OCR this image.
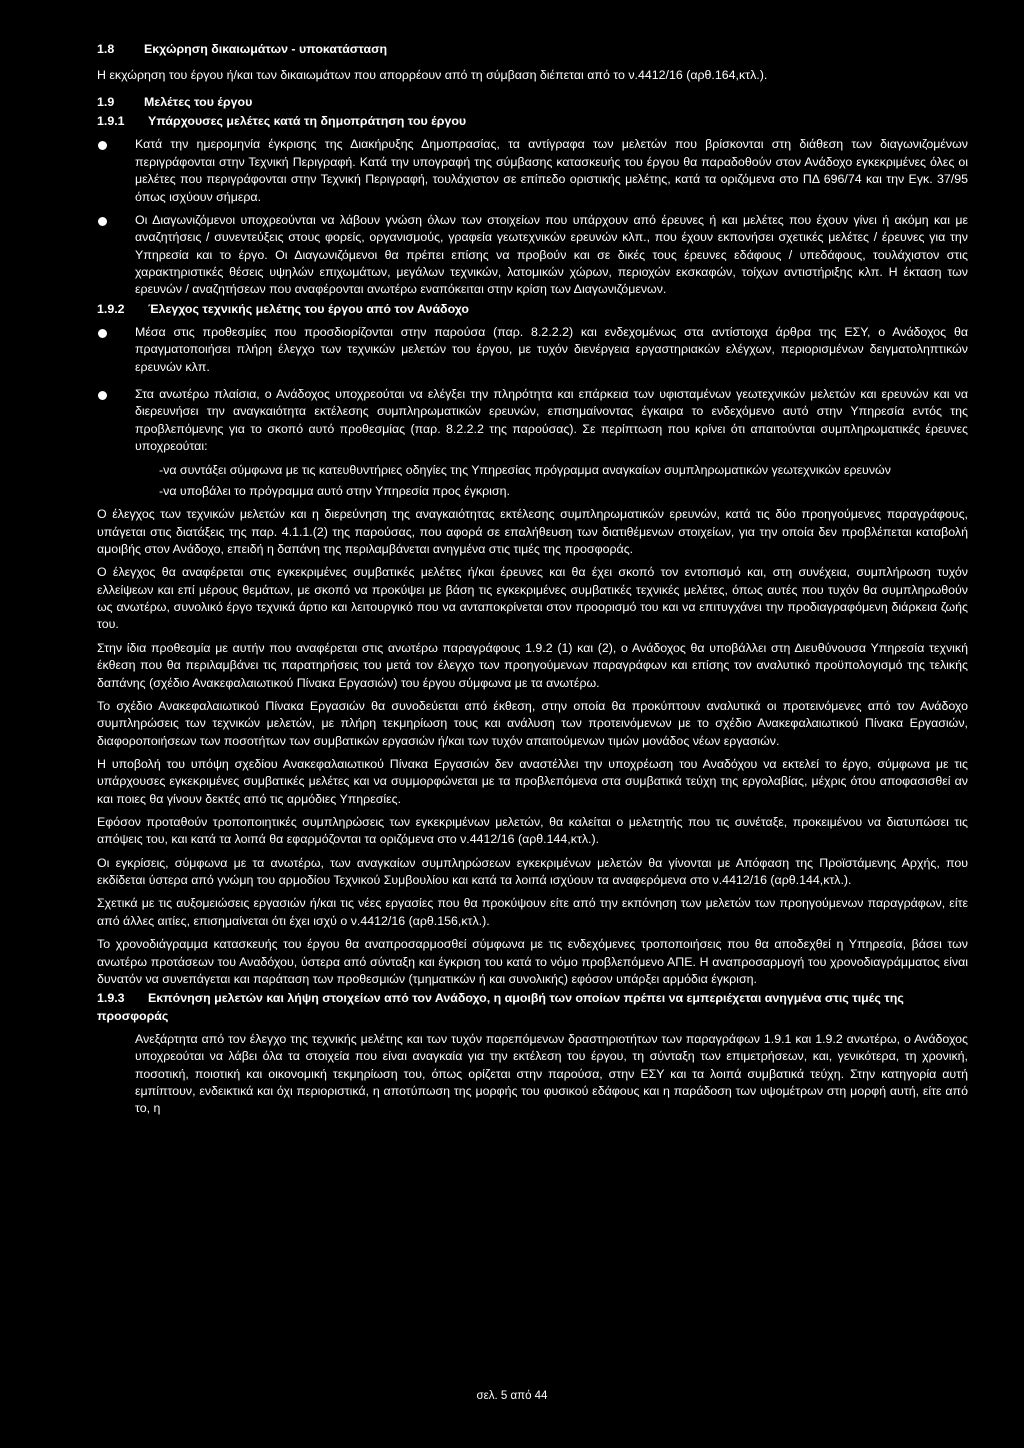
1.8 Εκχώρηση δικαιωμάτων - υποκατάσταση

Η εκχώρηση του έργου ή/και των δικαιωμάτων που απορρέουν από τη σύμβαση διέπεται από το ν.4412/16 (αρθ.164,κτλ.).

1.9 Μελέτες του έργου
1.9.1 Υπάρχουσες μελέτες κατά τη δημοπράτηση του έργου
Κατά την ημερομηνία έγκρισης της Διακήρυξης Δημοπρασίας, τα αντίγραφα των μελετών που βρίσκονται στη διάθεση των διαγωνιζομένων περιγράφονται στην Τεχνική Περιγραφή. Κατά την υπογραφή της σύμβασης κατασκευής του έργου θα παραδοθούν στον Ανάδοχο εγκεκριμένες όλες οι μελέτες που περιγράφονται στην Τεχνική Περιγραφή, τουλάχιστον σε επίπεδο οριστικής μελέτης, κατά τα οριζόμενα στο ΠΔ 696/74 και την Εγκ. 37/95 όπως ισχύουν σήμερα.
Οι Διαγωνιζόμενοι υποχρεούνται να λάβουν γνώση όλων των στοιχείων που υπάρχουν από έρευνες ή και μελέτες που έχουν γίνει ή ακόμη και με αναζητήσεις / συνεντεύξεις στους φορείς, οργανισμούς, γραφεία γεωτεχνικών ερευνών κλπ., που έχουν εκπονήσει σχετικές μελέτες / έρευνες για την Υπηρεσία και το έργο. Οι Διαγωνιζόμενοι θα πρέπει επίσης να προβούν και σε δικές τους έρευνες εδάφους / υπεδάφους, τουλάχιστον στις χαρακτηριστικές θέσεις υψηλών επιχωμάτων, μεγάλων τεχνικών, λατομικών χώρων, περιοχών εκσκαφών, τοίχων αντιστήριξης κλπ. Η έκταση των ερευνών / αναζητήσεων που αναφέρονται ανωτέρω εναπόκειται στην κρίση των Διαγωνιζόμενων.
1.9.2 Έλεγχος τεχνικής μελέτης του έργου από τον Ανάδοχο
Μέσα στις προθεσμίες που προσδιορίζονται στην παρούσα (παρ. 8.2.2.2) και ενδεχομένως στα αντίστοιχα άρθρα της ΕΣΥ, ο Ανάδοχος θα πραγματοποιήσει πλήρη έλεγχο των τεχνικών μελετών του έργου, με τυχόν διενέργεια εργαστηριακών ελέγχων, περιορισμένων δειγματοληπτικών ερευνών κλπ.
Στα ανωτέρω πλαίσια, ο Ανάδοχος υποχρεούται να ελέγξει την πληρότητα και επάρκεια των υφισταμένων γεωτεχνικών μελετών και ερευνών και να διερευνήσει την αναγκαιότητα εκτέλεσης συμπληρωματικών ερευνών, επισημαίνοντας έγκαιρα το ενδεχόμενο αυτό στην Υπηρεσία εντός της προβλεπόμενης για το σκοπό αυτό προθεσμίας (παρ. 8.2.2.2 της παρούσας). Σε περίπτωση που κρίνει ότι απαιτούνται συμπληρωματικές έρευνες υποχρεούται:

-να συντάξει σύμφωνα με τις κατευθυντήριες οδηγίες της Υπηρεσίας πρόγραμμα αναγκαίων συμπληρωματικών γεωτεχνικών ερευνών

-να υποβάλει το πρόγραμμα αυτό στην Υπηρεσία προς έγκριση.

Ο έλεγχος των τεχνικών μελετών και η διερεύνηση της αναγκαιότητας εκτέλεσης συμπληρωματικών ερευνών, κατά τις δύο προηγούμενες παραγράφους, υπάγεται στις διατάξεις της παρ. 4.1.1.(2) της παρούσας, που αφορά σε επαλήθευση των διατιθέμενων στοιχείων, για την οποία δεν προβλέπεται καταβολή αμοιβής στον Ανάδοχο, επειδή η δαπάνη της περιλαμβάνεται ανηγμένα στις τιμές της προσφοράς.

Ο έλεγχος θα αναφέρεται στις εγκεκριμένες συμβατικές μελέτες ή/και έρευνες και θα έχει σκοπό τον εντοπισμό και, στη συνέχεια, συμπλήρωση τυχόν ελλείψεων και επί μέρους θεμάτων, με σκοπό να προκύψει με βάση τις εγκεκριμένες συμβατικές τεχνικές μελέτες, όπως αυτές που τυχόν θα συμπληρωθούν ως ανωτέρω, συνολικό έργο τεχνικά άρτιο και λειτουργικό που να ανταποκρίνεται στον προορισμό του και να επιτυγχάνει την προδιαγραφόμενη διάρκεια ζωής του.

Στην ίδια προθεσμία με αυτήν που αναφέρεται στις ανωτέρω παραγράφους 1.9.2 (1) και (2), ο Ανάδοχος θα υποβάλλει στη Διευθύνουσα Υπηρεσία τεχνική έκθεση που θα περιλαμβάνει τις παρατηρήσεις του μετά τον έλεγχο των προηγούμενων παραγράφων και επίσης τον αναλυτικό προϋπολογισμό της τελικής δαπάνης (σχέδιο Ανακεφαλαιωτικού Πίνακα Εργασιών) του έργου σύμφωνα με τα ανωτέρω.

Το σχέδιο Ανακεφαλαιωτικού Πίνακα Εργασιών θα συνοδεύεται από έκθεση, στην οποία θα προκύπτουν αναλυτικά οι προτεινόμενες από τον Ανάδοχο συμπληρώσεις των τεχνικών μελετών, με πλήρη τεκμηρίωση τους και ανάλυση των προτεινόμενων με το σχέδιο Ανακεφαλαιωτικού Πίνακα Εργασιών, διαφοροποιήσεων των ποσοτήτων των συμβατικών εργασιών ή/και των τυχόν απαιτούμενων τιμών μονάδος νέων εργασιών.

Η υποβολή του υπόψη σχεδίου Ανακεφαλαιωτικού Πίνακα Εργασιών δεν αναστέλλει την υποχρέωση του Αναδόχου να εκτελεί το έργο, σύμφωνα με τις υπάρχουσες εγκεκριμένες συμβατικές μελέτες και να συμμορφώνεται με τα προβλεπόμενα στα συμβατικά τεύχη της εργολαβίας, μέχρις ότου αποφασισθεί αν και ποιες θα γίνουν δεκτές από τις αρμόδιες Υπηρεσίες.

Εφόσον προταθούν τροποποιητικές συμπληρώσεις των εγκεκριμένων μελετών, θα καλείται ο μελετητής που τις συνέταξε, προκειμένου να διατυπώσει τις απόψεις του, και κατά τα λοιπά θα εφαρμόζονται τα οριζόμενα στο ν.4412/16 (αρθ.144,κτλ.).

Οι εγκρίσεις, σύμφωνα με τα ανωτέρω, των αναγκαίων συμπληρώσεων εγκεκριμένων μελετών θα γίνονται με Απόφαση της Προϊστάμενης Αρχής, που εκδίδεται ύστερα από γνώμη του αρμοδίου Τεχνικού Συμβουλίου και κατά τα λοιπά ισχύουν τα αναφερόμενα στο ν.4412/16 (αρθ.144,κτλ.).

Σχετικά με τις αυξομειώσεις εργασιών ή/και τις νέες εργασίες που θα προκύψουν είτε από την εκπόνηση των μελετών των προηγούμενων παραγράφων, είτε από άλλες αιτίες, επισημαίνεται ότι έχει ισχύ ο ν.4412/16 (αρθ.156,κτλ.).

Το χρονοδιάγραμμα κατασκευής του έργου θα αναπροσαρμοσθεί σύμφωνα με τις ενδεχόμενες τροποποιήσεις που θα αποδεχθεί η Υπηρεσία, βάσει των ανωτέρω προτάσεων του Αναδόχου, ύστερα από σύνταξη και έγκριση του κατά το νόμο προβλεπόμενο ΑΠΕ. Η αναπροσαρμογή του χρονοδιαγράμματος είναι δυνατόν να συνεπάγεται και παράταση των προθεσμιών (τμηματικών ή και συνολικής) εφόσον υπάρξει αρμόδια έγκριση.

1.9.3 Εκπόνηση μελετών και λήψη στοιχείων από τον Ανάδοχο, η αμοιβή των οποίων πρέπει να εμπεριέχεται ανηγμένα στις τιμές της προσφοράς

Ανεξάρτητα από τον έλεγχο της τεχνικής μελέτης και των τυχόν παρεπόμενων δραστηριοτήτων των παραγράφων 1.9.1 και 1.9.2 ανωτέρω, ο Ανάδοχος υποχρεούται να λάβει όλα τα στοιχεία που είναι αναγκαία για την εκτέλεση του έργου, τη σύνταξη των επιμετρήσεων, και, γενικότερα, τη χρονική, ποσοτική, ποιοτική και οικονομική τεκμηρίωση του, όπως ορίζεται στην παρούσα, στην ΕΣΥ και τα λοιπά συμβατικά τεύχη. Στην κατηγορία αυτή εμπίπτουν, ενδεικτικά και όχι περιοριστικά, η αποτύπωση της μορφής του φυσικού εδάφους και η παράδοση των υψομέτρων στη μορφή αυτή, είτε από το, η

σελ. 5 από 44
